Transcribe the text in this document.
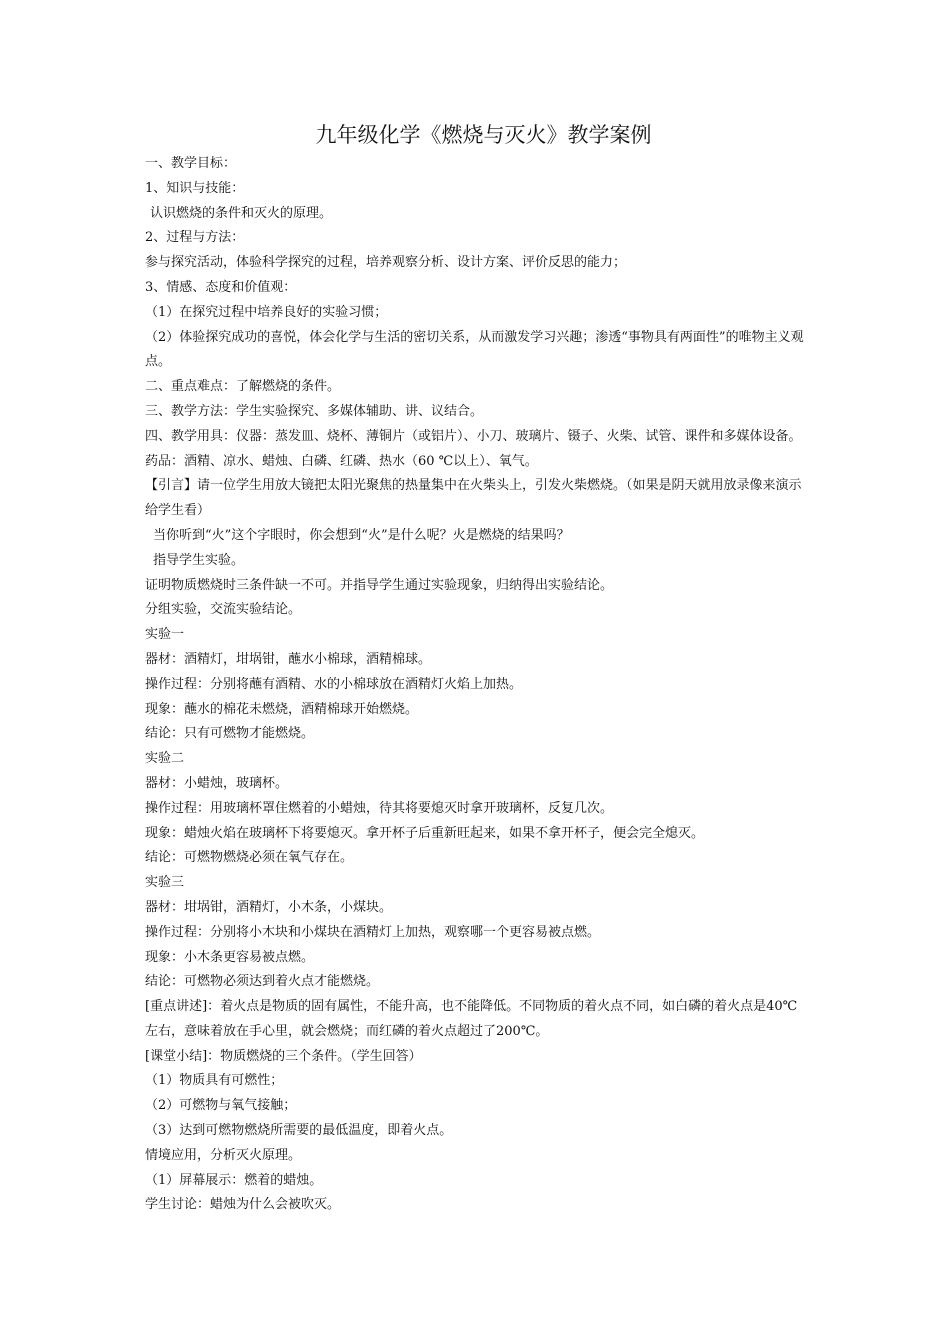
九年级化学《燃烧与灭火》教学案例

一、教学目标：

1、知识与技能：

认识燃烧的条件和灭火的原理。

2、过程与方法：

参与探究活动，体验科学探究的过程，培养观察分析、设计方案、评价反思的能力；

3、情感、态度和价值观：

（1）在探究过程中培养良好的实验习惯；

（2）体验探究成功的喜悦，体会化学与生活的密切关系，从而激发学习兴趣；渗透“事物具有两面性”的唯物主义观点。

二、重点难点：了解燃烧的条件。

三、教学方法：学生实验探究、多媒体辅助、讲、议结合。

四、教学用具：仪器：蒸发皿、烧杯、薄铜片（或铝片）、小刀、玻璃片、镊子、火柴、试管、课件和多媒体设备。

药品：酒精、凉水、蜡烛、白磷、红磷、热水（60 ℃以上）、氧气。

【引言】请一位学生用放大镜把太阳光聚焦的热量集中在火柴头上，引发火柴燃烧。（如果是阴天就用放录像来演示给学生看）

当你听到“火”这个字眼时，你会想到“火”是什么呢？火是燃烧的结果吗？

指导学生实验。

证明物质燃烧时三条件缺一不可。并指导学生通过实验现象，归纳得出实验结论。

分组实验，交流实验结论。

实验一

器材：酒精灯，坩埚钳，蘸水小棉球，酒精棉球。

操作过程：分别将蘸有酒精、水的小棉球放在酒精灯火焰上加热。

现象：蘸水的棉花未燃烧，酒精棉球开始燃烧。

结论：只有可燃物才能燃烧。

实验二

器材：小蜡烛，玻璃杯。

操作过程：用玻璃杯罩住燃着的小蜡烛，待其将要熄灭时拿开玻璃杯，反复几次。

现象：蜡烛火焰在玻璃杯下将要熄灭。拿开杯子后重新旺起来，如果不拿开杯子，便会完全熄灭。

结论：可燃物燃烧必须在氧气存在。

实验三

器材：坩埚钳，酒精灯，小木条，小煤块。

操作过程：分别将小木块和小煤块在酒精灯上加热，观察哪一个更容易被点燃。

现象：小木条更容易被点燃。

结论：可燃物必须达到着火点才能燃烧。

[重点讲述]：着火点是物质的固有属性，不能升高，也不能降低。不同物质的着火点不同，如白磷的着火点是40℃左右，意味着放在手心里，就会燃烧；而红磷的着火点超过了200℃。

[课堂小结]：物质燃烧的三个条件。（学生回答）

（1）物质具有可燃性；

（2）可燃物与氧气接触；

（3）达到可燃物燃烧所需要的最低温度，即着火点。

情境应用，分析灭火原理。

（1）屏幕展示：燃着的蜡烛。

学生讨论：蜡烛为什么会被吹灭。
